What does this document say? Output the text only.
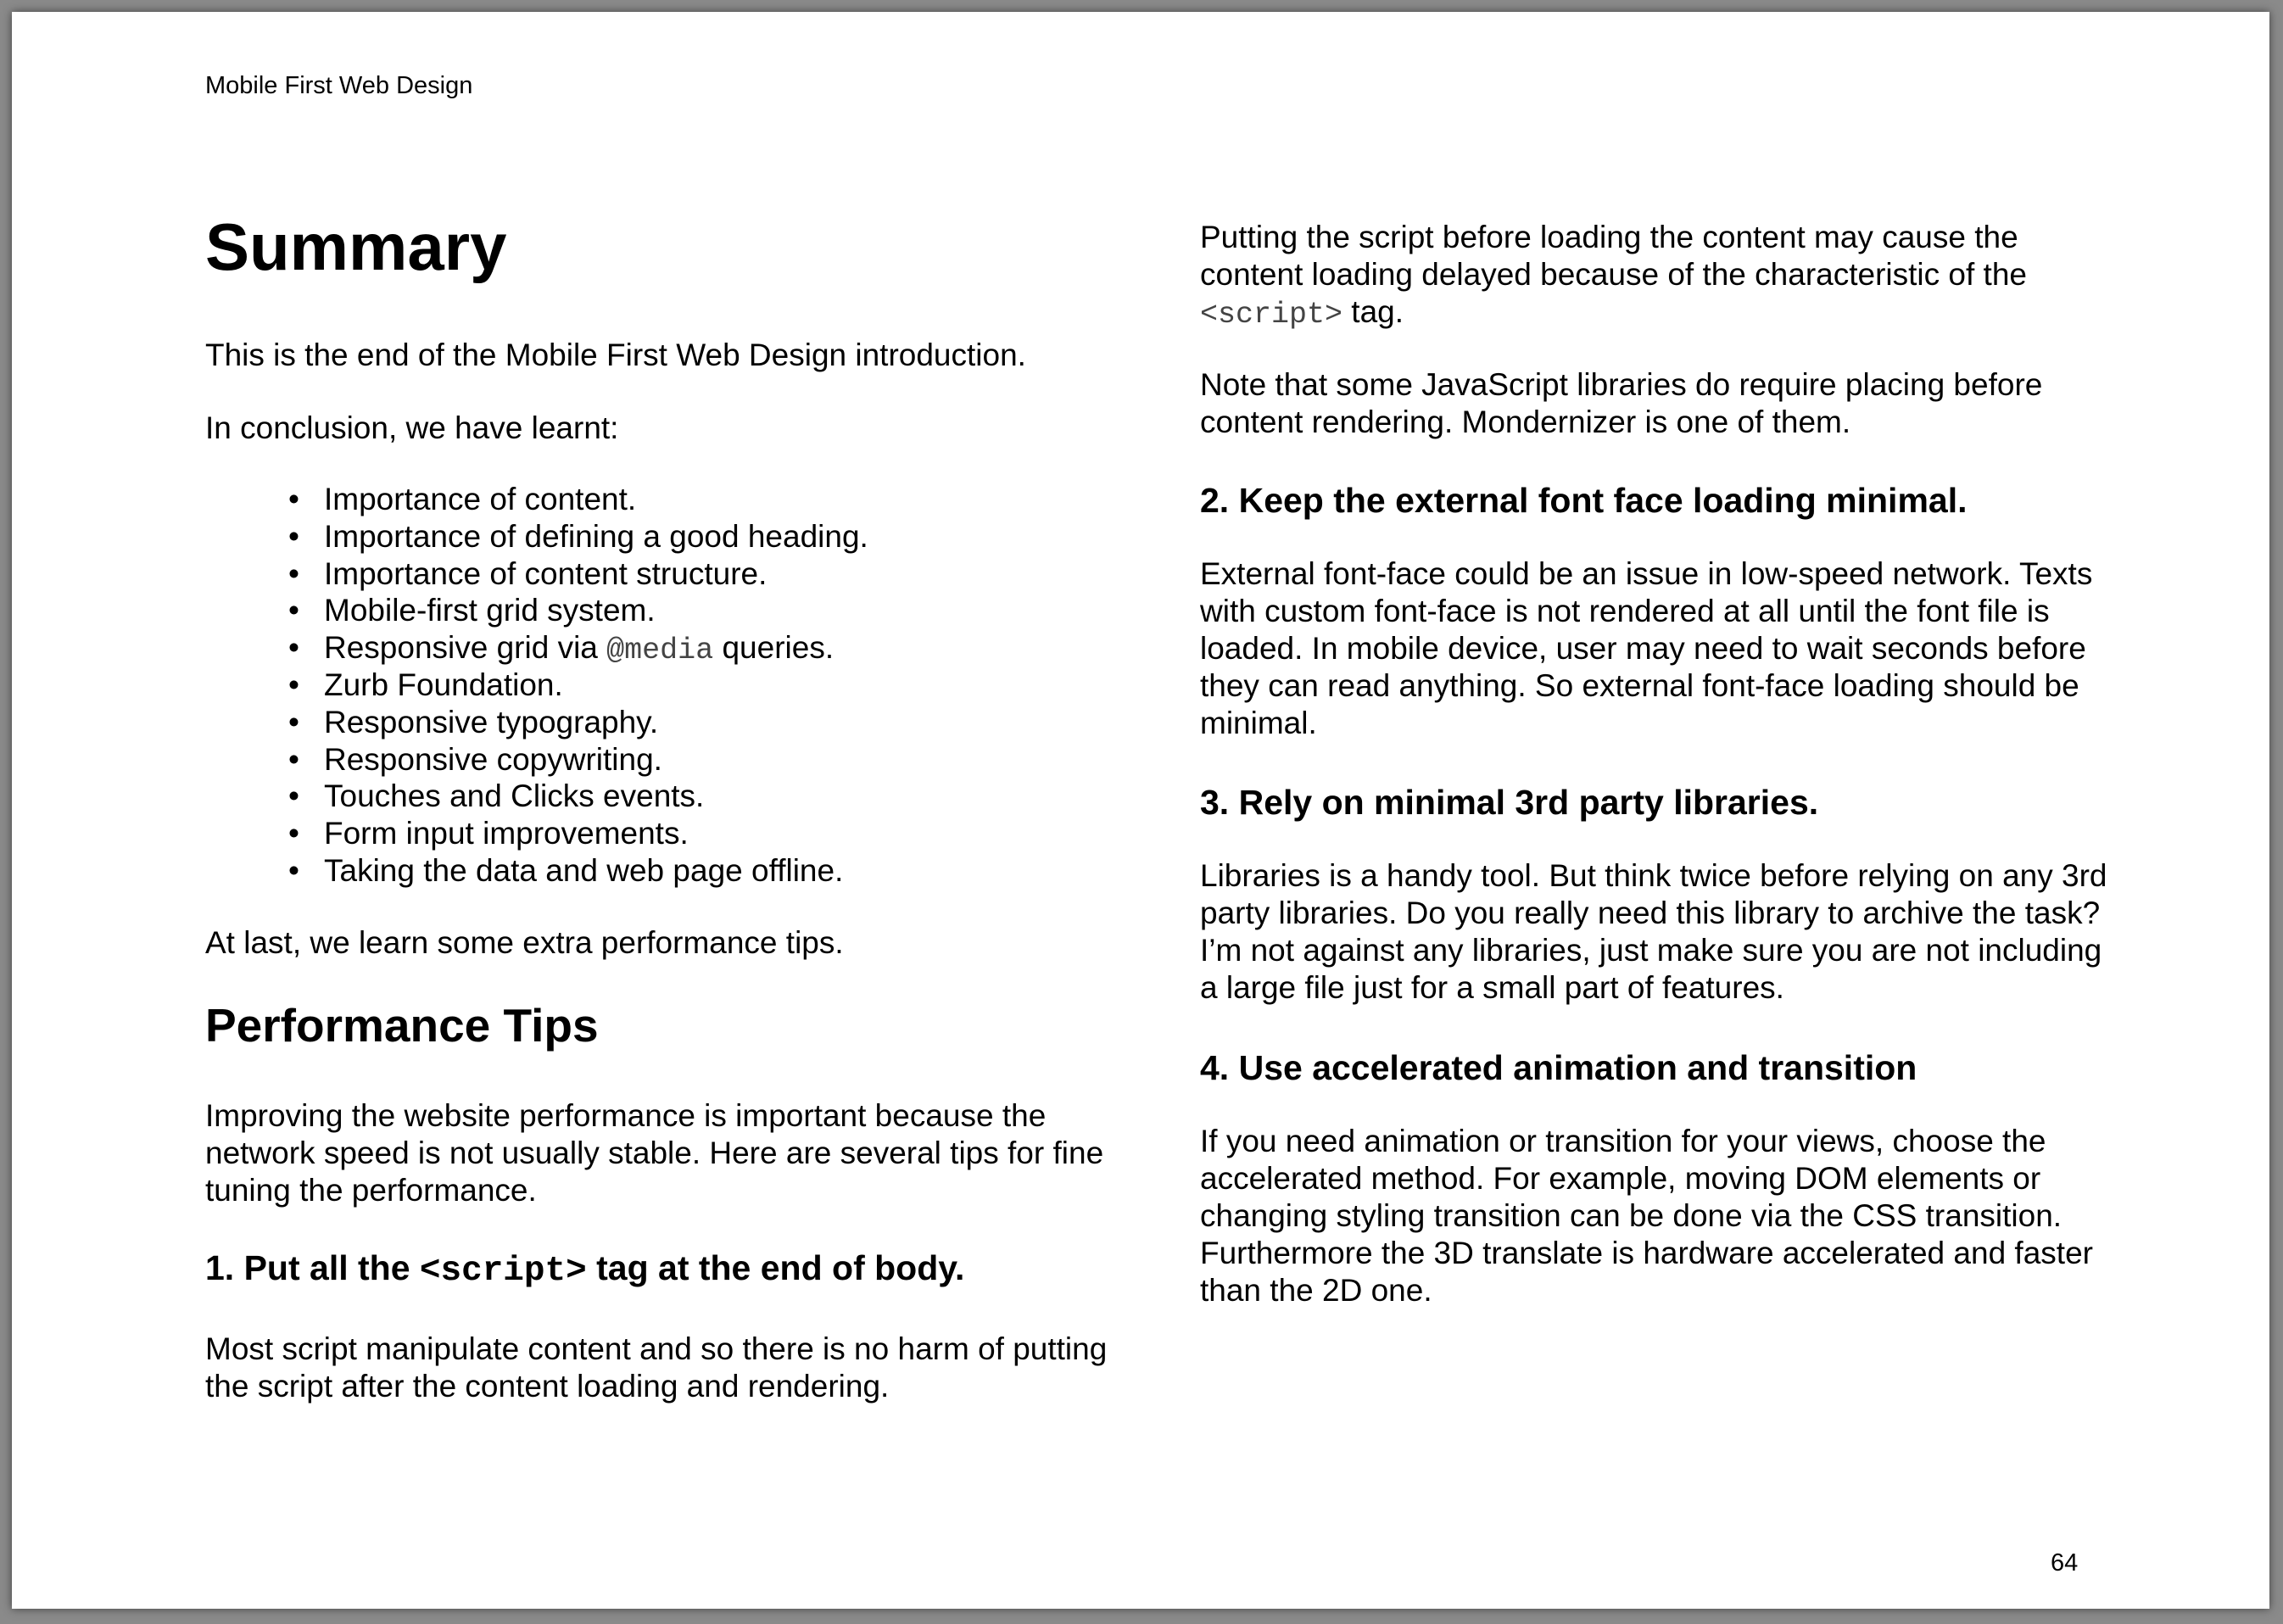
Mobile First Web Design
Summary

This is the end of the Mobile First Web Design introduction.

In conclusion, we have learnt:

• Importance of content.
• Importance of defining a good heading.
• Importance of content structure.
• Mobile-first grid system.
• Responsive grid via @media queries.
• Zurb Foundation.
• Responsive typography.
• Responsive copywriting.
• Touches and Clicks events.
• Form input improvements.
• Taking the data and web page offline.

At last, we learn some extra performance tips.

Performance Tips

Improving the website performance is important because the network speed is not usually stable. Here are several tips for fine tuning the performance.

1. Put all the <script> tag at the end of body.

Most script manipulate content and so there is no harm of putting the script after the content loading and rendering.

Putting the script before loading the content may cause the content loading delayed because of the characteristic of the <script> tag.

Note that some JavaScript libraries do require placing before content rendering. Mondernizer is one of them.

2. Keep the external font face loading minimal.

External font-face could be an issue in low-speed network. Texts with custom font-face is not rendered at all until the font file is loaded. In mobile device, user may need to wait seconds before they can read anything. So external font-face loading should be minimal.

3. Rely on minimal 3rd party libraries.

Libraries is a handy tool. But think twice before relying on any 3rd party libraries. Do you really need this library to archive the task? I’m not against any libraries, just make sure you are not including a large file just for a small part of features.

4. Use accelerated animation and transition

If you need animation or transition for your views, choose the accelerated method. For example, moving DOM elements or changing styling transition can be done via the CSS transition. Furthermore the 3D translate is hardware accelerated and faster than the 2D one.

64
